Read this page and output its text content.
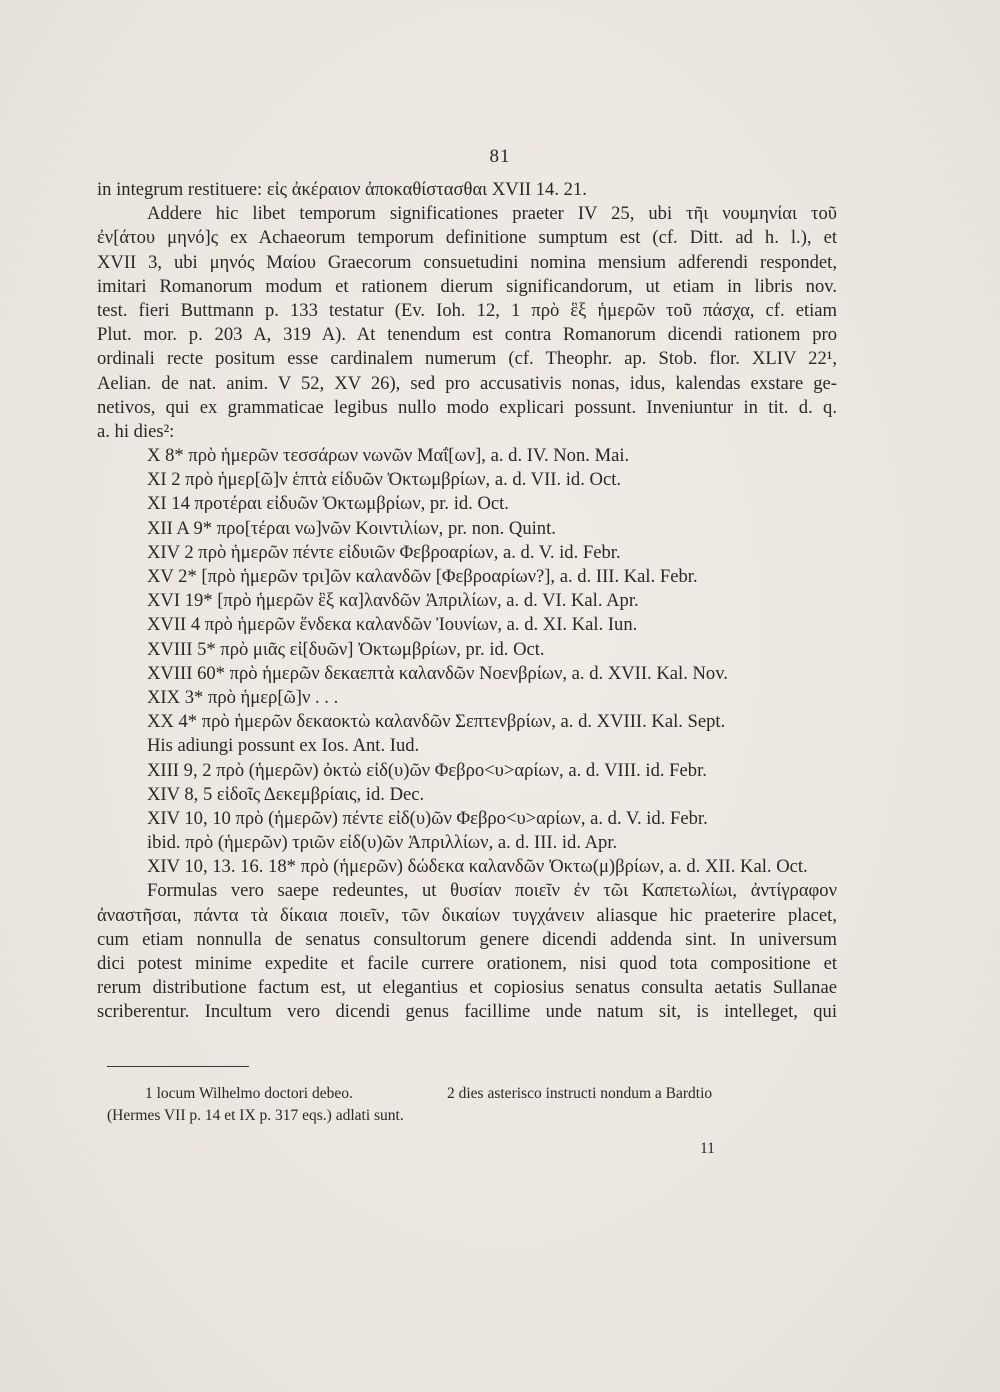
81
in integrum restituere: εἰς ἀκέραιον ἀποκαθίστασθαι XVII 14. 21.
Addere hic libet temporum significationes praeter IV 25, ubi τῆι νουμηνίαι τοῦ
ἐν[άτου μηνό]ς ex Achaeorum temporum definitione sumptum est (cf. Ditt. ad h. l.), et
XVII 3, ubi μηνός Μαίου Graecorum consuetudini nomina mensium adferendi respondet,
imitari Romanorum modum et rationem dierum significandorum, ut etiam in libris nov.
test. fieri Buttmann p. 133 testatur (Ev. Ioh. 12, 1 πρὸ ἓξ ἡμερῶν τοῦ πάσχα, cf. etiam
Plut. mor. p. 203 A, 319 A). At tenendum est contra Romanorum dicendi rationem pro
ordinali recte positum esse cardinalem numerum (cf. Theophr. ap. Stob. flor. XLIV 22¹,
Aelian. de nat. anim. V 52, XV 26), sed pro accusativis nonas, idus, kalendas exstare ge-
netivos, qui ex grammaticae legibus nullo modo explicari possunt. Inveniuntur in tit. d. q.
a. hi dies²:
X 8* πρὸ ἡμερῶν τεσσάρων νωνῶν Μαΐ[ων], a. d. IV. Non. Mai.
XI 2 πρὸ ἡμερ[ῶ]ν ἑπτὰ εἰδυῶν Ὀκτωμβρίων, a. d. VII. id. Oct.
XI 14 προτέραι εἰδυῶν Ὀκτωμβρίων, pr. id. Oct.
XII A 9* προ[τέραι νω]νῶν Κοιντιλίων, pr. non. Quint.
XIV 2 πρὸ ἡμερῶν πέντε εἰδυιῶν Φεβροαρίων, a. d. V. id. Febr.
XV 2* [πρὸ ἡμερῶν τρι]ῶν καλανδῶν [Φεβροαρίων?], a. d. III. Kal. Febr.
XVI 19* [πρὸ ἡμερῶν ἓξ κα]λανδῶν Ἀπριλίων, a. d. VI. Kal. Apr.
XVII 4 πρὸ ἡμερῶν ἕνδεκα καλανδῶν Ἰουνίων, a. d. XI. Kal. Iun.
XVIII 5* πρὸ μιᾶς εἰ[δυῶν] Ὀκτωμβρίων, pr. id. Oct.
XVIII 60* πρὸ ἡμερῶν δεκαεπτὰ καλανδῶν Νοενβρίων, a. d. XVII. Kal. Nov.
XIX 3* πρὸ ἡμερ[ῶ]ν . . .
XX 4* πρὸ ἡμερῶν δεκαοκτὼ καλανδῶν Σεπτενβρίων, a. d. XVIII. Kal. Sept.
His adiungi possunt ex Ios. Ant. Iud.
XIII 9, 2 πρὸ (ἡμερῶν) ὀκτὼ εἰδ(υ)ῶν Φεβρο<υ>αρίων, a. d. VIII. id. Febr.
XIV 8, 5 εἰδοῖς Δεκεμβρίαις, id. Dec.
XIV 10, 10 πρὸ (ἡμερῶν) πέντε εἰδ(υ)ῶν Φεβρο<υ>αρίων, a. d. V. id. Febr.
ibid. πρὸ (ἡμερῶν) τριῶν εἰδ(υ)ῶν Ἀπριλλίων, a. d. III. id. Apr.
XIV 10, 13. 16. 18* πρὸ (ἡμερῶν) δώδεκα καλανδῶν Ὀκτω(μ)βρίων, a. d. XII. Kal. Oct.
Formulas vero saepe redeuntes, ut θυσίαν ποιεῖν ἐν τῶι Καπετωλίωι, ἀντίγραφον
ἀναστῆσαι, πάντα τὰ δίκαια ποιεῖν, τῶν δικαίων τυγχάνειν aliasque hic praeterire placet,
cum etiam nonnulla de senatus consultorum genere dicendi addenda sint. In universum
dici potest minime expedite et facile currere orationem, nisi quod tota compositione et
rerum distributione factum est, ut elegantius et copiosius senatus consulta aetatis Sullanae
scriberentur. Incultum vero dicendi genus facillime unde natum sit, is intelleget, qui
1 locum Wilhelmo doctori debeo.	2 dies asterisco instructi nondum a Bardtio
(Hermes VII p. 14 et IX p. 317 eqs.) adlati sunt.
11
